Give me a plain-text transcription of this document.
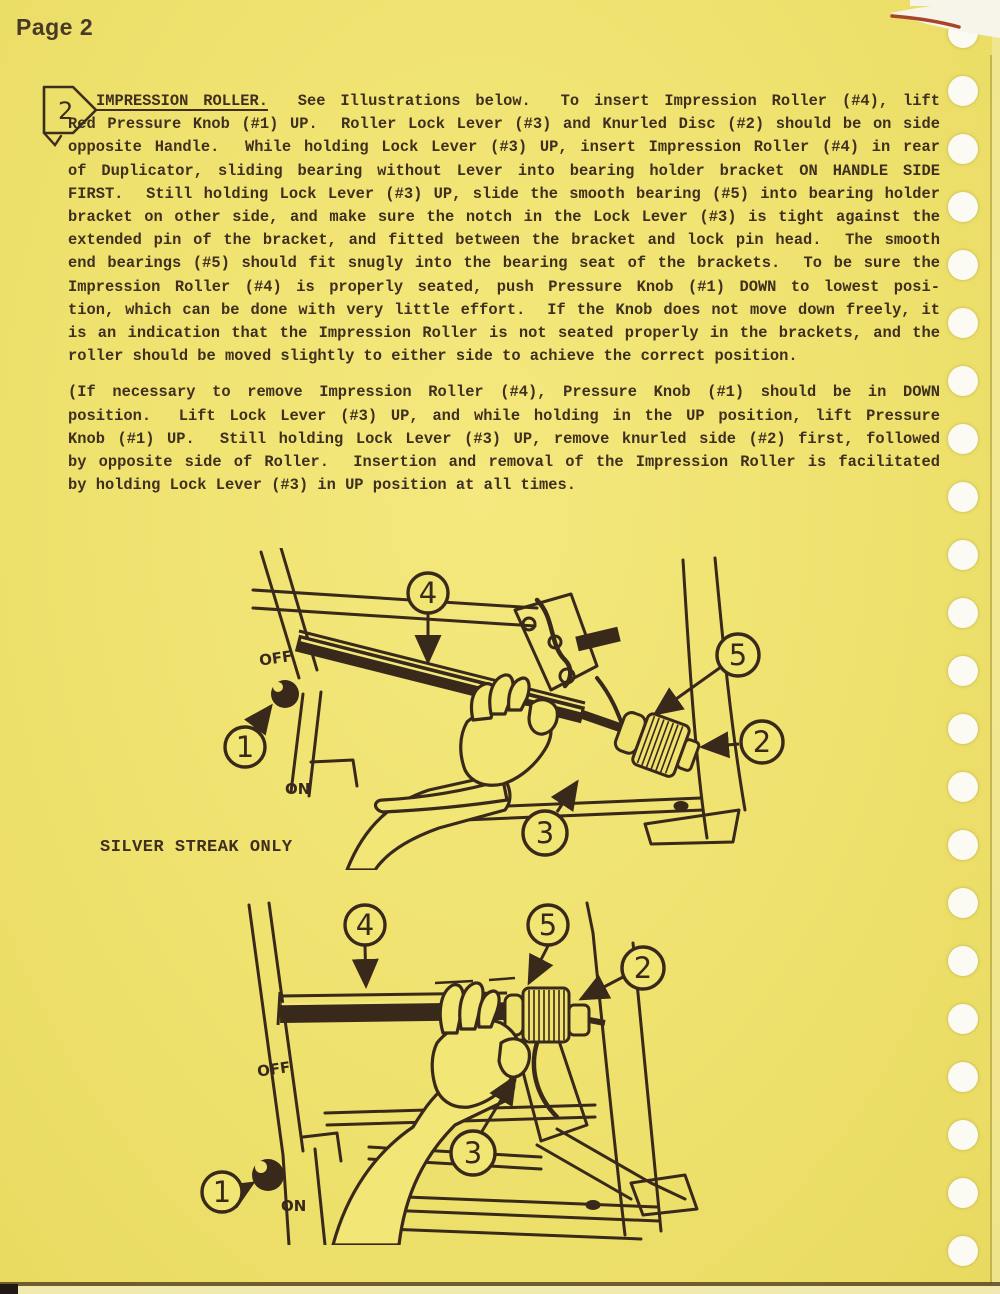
Page 2
2	IMPRESSION ROLLER.  See Illustrations below.  To insert Impression Roller (#4), lift
Red Pressure Knob (#1) UP.  Roller Lock Lever (#3) and Knurled Disc (#2) should be on side
opposite Handle.  While holding Lock Lever (#3) UP, insert Impression Roller (#4) in rear
of Duplicator, sliding bearing without Lever into bearing holder bracket ON HANDLE SIDE
FIRST.  Still holding Lock Lever (#3) UP, slide the smooth bearing (#5) into bearing holder
bracket on other side, and make sure the notch in the Lock Lever (#3) is tight against the
extended pin of the bracket, and fitted between the bracket and lock pin head.  The smooth
end bearings (#5) should fit snugly into the bearing seat of the brackets.  To be sure the
Impression Roller (#4) is properly seated, push Pressure Knob (#1) DOWN to lowest posi-
tion, which can be done with very little effort.  If the Knob does not move down freely, it
is an indication that the Impression Roller is not seated properly in the brackets, and the
roller should be moved slightly to either side to achieve the correct position.
(If necessary to remove Impression Roller (#4), Pressure Knob (#1) should be in DOWN
position.  Lift Lock Lever (#3) UP, and while holding in the UP position, lift Pressure
Knob (#1) UP.  Still holding Lock Lever (#3) UP, remove knurled side (#2) first, followed
by opposite side of Roller.  Insertion and removal of the Impression Roller is facilitated
by holding Lock Lever (#3) in UP position at all times.
SILVER STREAK ONLY
OFF
ON
4
5
2
3
1
OFF
ON
4	5
2
3
1
